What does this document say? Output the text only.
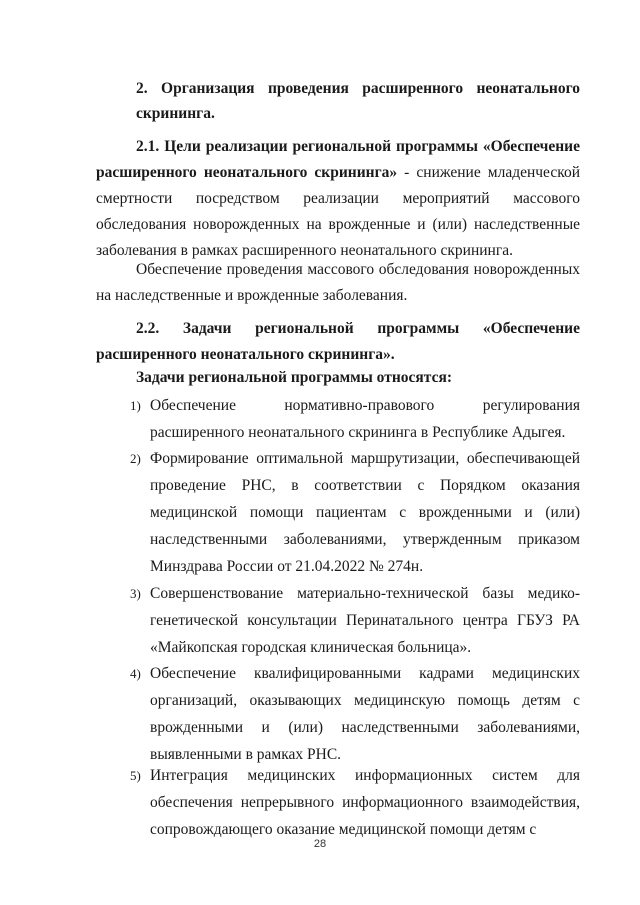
2. Организация проведения расширенного неонатального
скрининга.
2.1. Цели реализации региональной программы «Обеспечение расширенного неонатального скрининга» - снижение младенческой смертности посредством реализации мероприятий массового обследования новорожденных на врожденные и (или) наследственные заболевания в рамках расширенного неонатального скрининга.
Обеспечение проведения массового обследования новорожденных на наследственные и врожденные заболевания.
2.2. Задачи региональной программы «Обеспечение расширенного неонатального скрининга».
Задачи региональной программы относятся:
1) Обеспечение нормативно-правового регулирования расширенного неонатального скрининга в Республике Адыгея.
2) Формирование оптимальной маршрутизации, обеспечивающей проведение РНС, в соответствии с Порядком оказания медицинской помощи пациентам с врожденными и (или) наследственными заболеваниями, утвержденным приказом Минздрава России от 21.04.2022 № 274н.
3) Совершенствование материально-технической базы медико-генетической консультации Перинатального центра ГБУЗ РА «Майкопская городская клиническая больница».
4) Обеспечение квалифицированными кадрами медицинских организаций, оказывающих медицинскую помощь детям с врожденными и (или) наследственными заболеваниями, выявленными в рамках РНС.
5) Интеграция медицинских информационных систем для обеспечения непрерывного информационного взаимодействия, сопровождающего оказание медицинской помощи детям с
28
